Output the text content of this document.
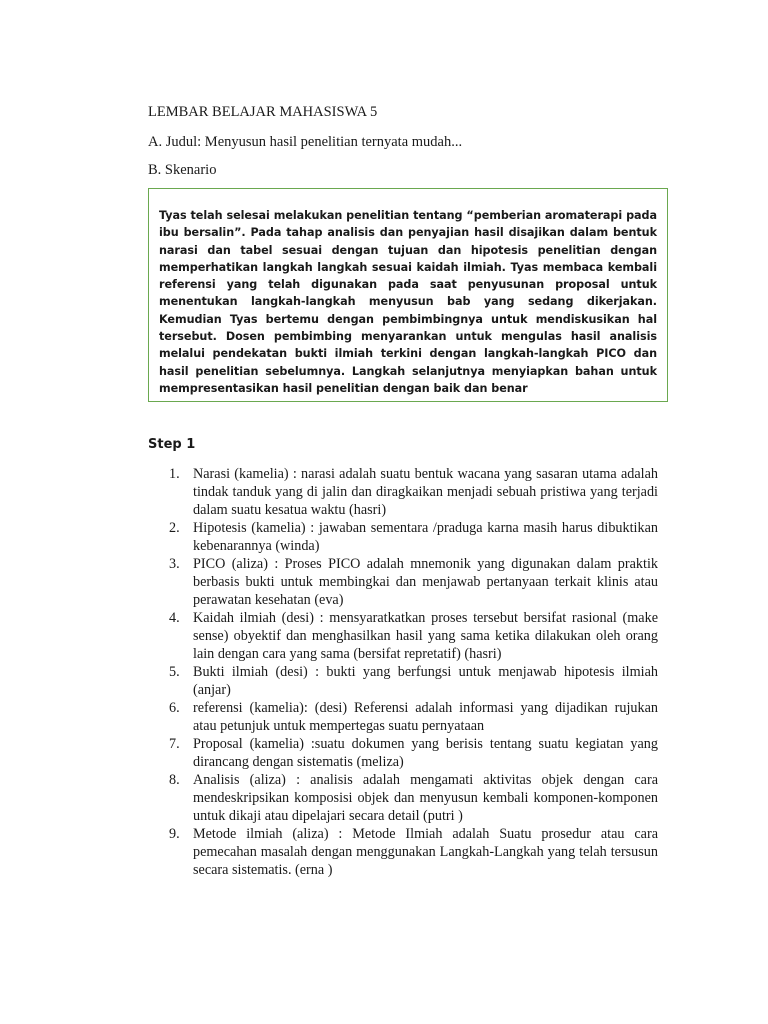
LEMBAR BELAJAR MAHASISWA 5
A. Judul: Menyusun hasil penelitian ternyata mudah...
B. Skenario

Tyas telah selesai melakukan peneliti̇an tentang “pemberian aromaterapi pada ibu bersalin”. Pada tahap analisis dan penyajian hasil disajikan dalam bentuk narasi dan tabel sesuai dengan tujuan dan hipotesis peneliti̇an dengan memperhati̇kan langkah langkah sesuai kaidah ilmiah. Tyas membaca kembali referensi yang telah digunakan pada saat penyusunan proposal untuk menentukan langkah-langkah menyusun bab yang sedang dikerjakan. Kemudian Tyas bertemu dengan pembimbingnya untuk mendiskusikan hal tersebut. Dosen pembimbing menyarankan untuk mengulas hasil analisis melalui pendekatan bukti̇ ilmiah terkini dengan langkah-langkah PICO dan hasil peneliti̇an sebelumnya. Langkah selanjutnya menyiapkan bahan untuk mempresentasikan hasil peneliti̇an dengan baik dan benar

Step 1
1. Narasi (kamelia) : narasi adalah suatu bentuk wacana yang sasaran utama adalah tindak tanduk yang di jalin dan diragkaikan menjadi sebuah pristiwa yang terjadi dalam suatu kesatua waktu (hasri)
2. Hipotesis (kamelia) : jawaban sementara /praduga karna masih harus dibuktikan kebenarannya (winda)
3. PICO (aliza) : Proses PICO adalah mnemonik yang digunakan dalam praktik berbasis bukti untuk membingkai dan menjawab pertanyaan terkait klinis atau perawatan kesehatan (eva)
4. Kaidah ilmiah (desi) : mensyaratkatkan proses tersebut bersifat rasional (make sense) obyektif dan menghasilkan hasil yang sama ketika dilakukan oleh orang lain dengan cara yang sama (bersifat repretatif) (hasri)
5. Bukti ilmiah (desi) : bukti yang berfungsi untuk menjawab hipotesis ilmiah (anjar)
6. referensi (kamelia): (desi) Referensi adalah informasi yang dijadikan rujukan atau petunjuk untuk mempertegas suatu pernyataan
7. Proposal (kamelia) :suatu dokumen yang berisis tentang suatu kegiatan yang dirancang dengan sistematis (meliza)
8. Analisis (aliza) : analisis adalah mengamati aktivitas objek dengan cara mendeskripsikan komposisi objek dan menyusun kembali komponen-komponen untuk dikaji atau dipelajari secara detail (putri )
9. Metode ilmiah (aliza) : Metode Ilmiah adalah Suatu prosedur atau cara pemecahan masalah dengan menggunakan Langkah-Langkah yang telah tersusun secara sistematis. (erna )
